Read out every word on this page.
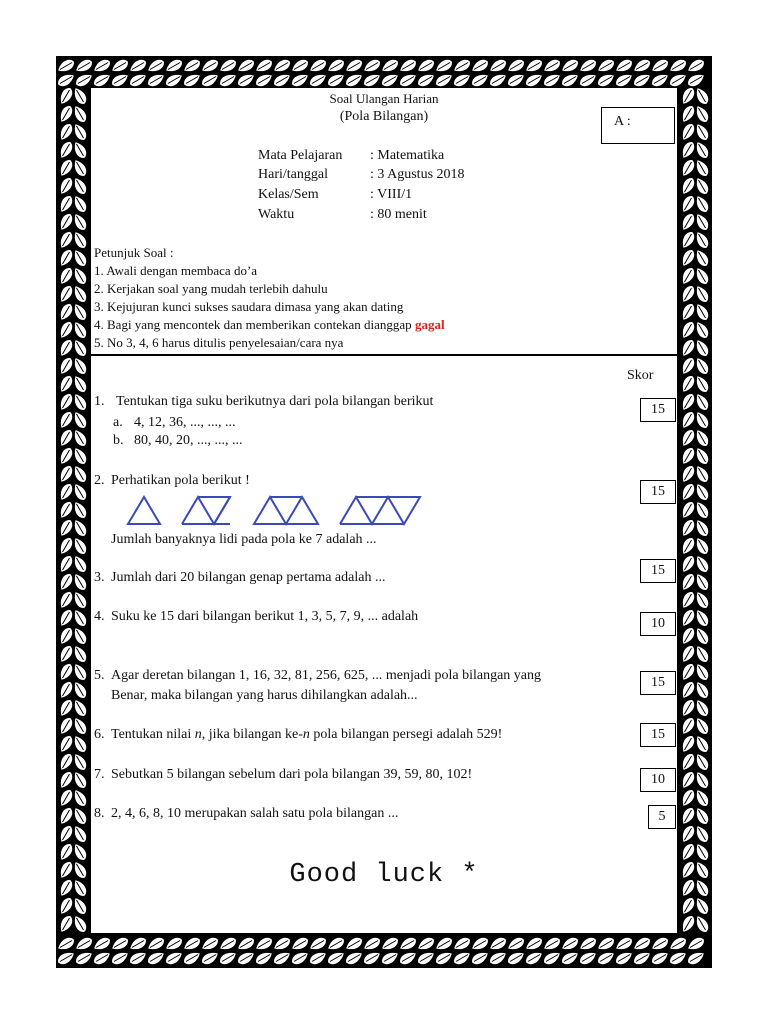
Soal Ulangan Harian
(Pola Bilangan)	A :
Mata Pelajaran : Matematika
Hari/tanggal	: 3 Agustus 2018
Kelas/Sem	: VIII/1
Waktu	: 80 menit
Petunjuk Soal :
1. Awali dengan membaca do’a
2. Kerjakan soal yang mudah terlebih dahulu
3. Kejujuran kunci sukses saudara dimasa yang akan dating
4. Bagi yang mencontek dan memberikan contekan dianggap gagal
5. No 3, 4, 6 harus ditulis penyelesaian/cara nya
Skor
1. Tentukan tiga suku berikutnya dari pola bilangan berikut
a. 4, 12, 36, ..., ..., ...
b. 80, 40, 20, ..., ..., ...
15
2. Perhatikan pola berikut !
Jumlah banyaknya lidi pada pola ke 7 adalah ...
15
3. Jumlah dari 20 bilangan genap pertama adalah ...	15
4. Suku ke 15 dari bilangan berikut 1, 3, 5, 7, 9, ... adalah	10
5. Agar deretan bilangan 1, 16, 32, 81, 256, 625, ... menjadi pola bilangan yang
Benar, maka bilangan yang harus dihilangkan adalah...
15
6. Tentukan nilai n, jika bilangan ke-n pola bilangan persegi adalah 529!	15
7. Sebutkan 5 bilangan sebelum dari pola bilangan 39, 59, 80, 102!	10
8. 2, 4, 6, 8, 10 merupakan salah satu pola bilangan ...	5
Good luck *
